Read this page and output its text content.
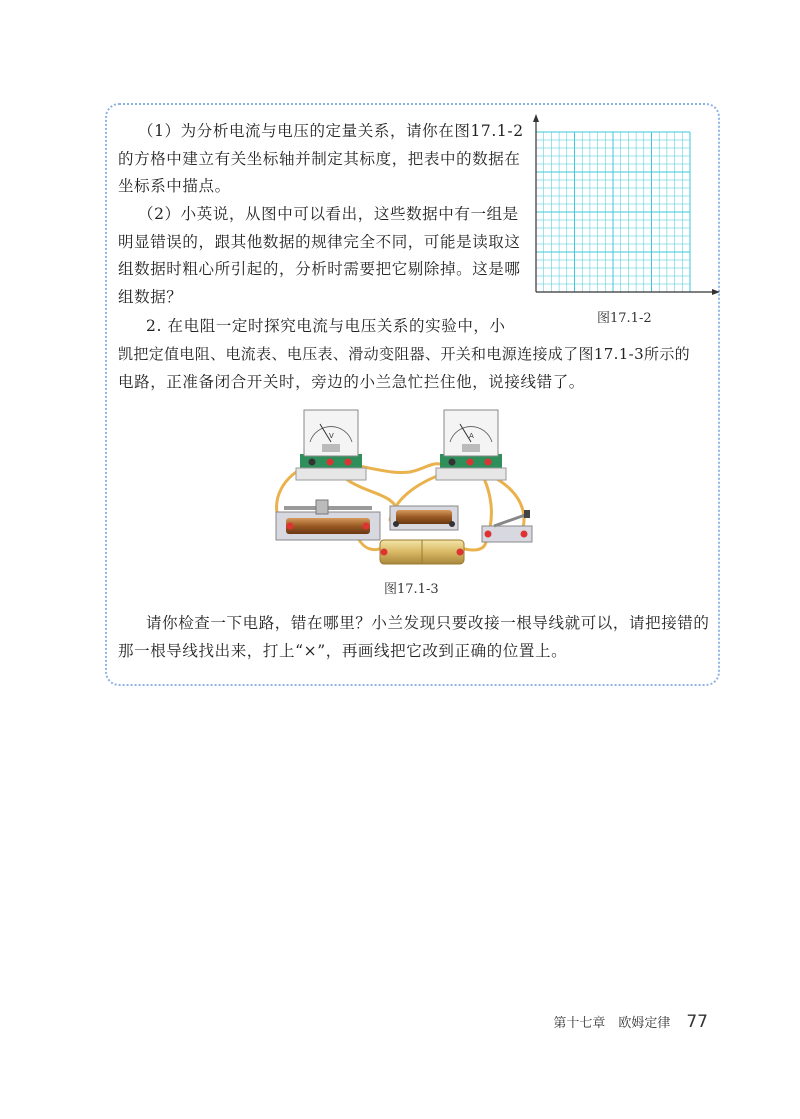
（1）为分析电流与电压的定量关系，请你在图17.1-2
的方格中建立有关坐标轴并制定其标度，把表中的数据在
坐标系中描点。
（2）小英说，从图中可以看出，这些数据中有一组是
明显错误的，跟其他数据的规律完全不同，可能是读取这
组数据时粗心所引起的，分析时需要把它剔除掉。这是哪
组数据？
2. 在电阻一定时探究电流与电压关系的实验中，小
凯把定值电阻、电流表、电压表、滑动变阻器、开关和电源连接成了图17.1-3所示的
电路，正准备闭合开关时，旁边的小兰急忙拦住他，说接线错了。
图17.1-2
V	A
图17.1-3
请你检查一下电路，错在哪里？小兰发现只要改接一根导线就可以，请把接错的
那一根导线找出来，打上“×”，再画线把它改到正确的位置上。
第十七章　欧姆定律 77
